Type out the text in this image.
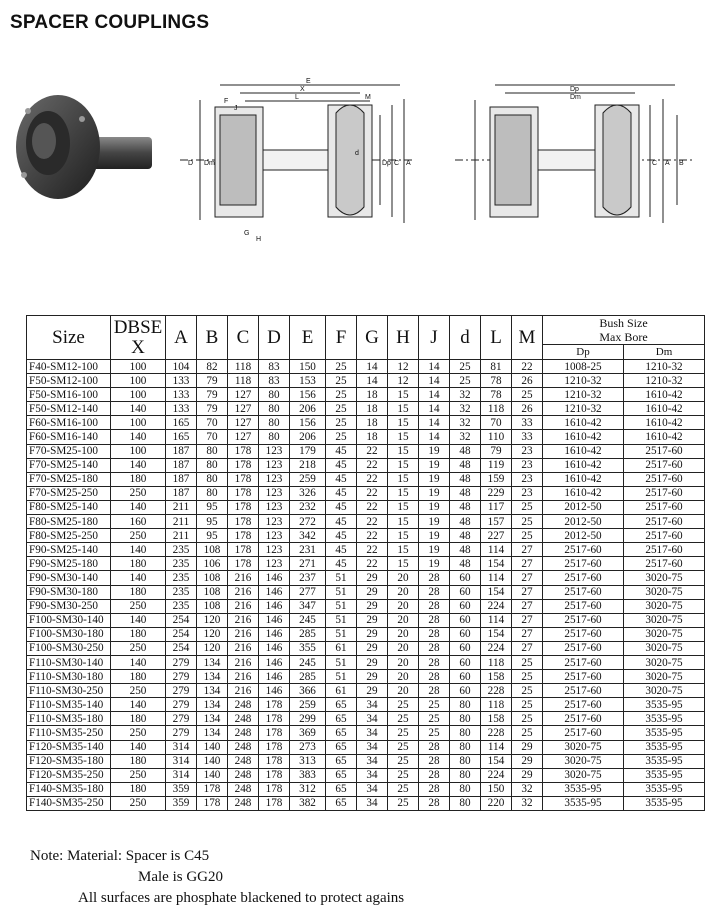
SPACER COUPLINGS
E
X
L	M
F
J
D Dm	Dp
d
C A
G
H
Dp
Dm
C A B
Size	DBSE X	A	B	C	D	E	F	G	H	J	d	L	M	Bush Size
Max Bore	

														Dp	Dm
F40-SM12-100	100	104	82	118	83	150	25	14	12	14	25	81	22	1008-25	1210-32
F50-SM12-100	100	133	79	118	83	153	25	14	12	14	25	78	26	1210-32	1210-32
F50-SM16-100	100	133	79	127	80	156	25	18	15	14	32	78	25	1210-32	1610-42
F50-SM12-140	140	133	79	127	80	206	25	18	15	14	32	118	26	1210-32	1610-42
F60-SM16-100	100	165	70	127	80	156	25	18	15	14	32	70	33	1610-42	1610-42
F60-SM16-140	140	165	70	127	80	206	25	18	15	14	32	110	33	1610-42	1610-42
F70-SM25-100	100	187	80	178	123	179	45	22	15	19	48	79	23	1610-42	2517-60
F70-SM25-140	140	187	80	178	123	218	45	22	15	19	48	119	23	1610-42	2517-60
F70-SM25-180	180	187	80	178	123	259	45	22	15	19	48	159	23	1610-42	2517-60
F70-SM25-250	250	187	80	178	123	326	45	22	15	19	48	229	23	1610-42	2517-60
F80-SM25-140	140	211	95	178	123	232	45	22	15	19	48	117	25	2012-50	2517-60
F80-SM25-180	160	211	95	178	123	272	45	22	15	19	48	157	25	2012-50	2517-60
F80-SM25-250	250	211	95	178	123	342	45	22	15	19	48	227	25	2012-50	2517-60
F90-SM25-140	140	235	108	178	123	231	45	22	15	19	48	114	27	2517-60	2517-60
F90-SM25-180	180	235	106	178	123	271	45	22	15	19	48	154	27	2517-60	2517-60
F90-SM30-140	140	235	108	216	146	237	51	29	20	28	60	114	27	2517-60	3020-75
F90-SM30-180	180	235	108	216	146	277	51	29	20	28	60	154	27	2517-60	3020-75
F90-SM30-250	250	235	108	216	146	347	51	29	20	28	60	224	27	2517-60	3020-75
F100-SM30-140	140	254	120	216	146	245	51	29	20	28	60	114	27	2517-60	3020-75
F100-SM30-180	180	254	120	216	146	285	51	29	20	28	60	154	27	2517-60	3020-75
F100-SM30-250	250	254	120	216	146	355	61	29	20	28	60	224	27	2517-60	3020-75
F110-SM30-140	140	279	134	216	146	245	51	29	20	28	60	118	25	2517-60	3020-75
F110-SM30-180	180	279	134	216	146	285	51	29	20	28	60	158	25	2517-60	3020-75
F110-SM30-250	250	279	134	216	146	366	61	29	20	28	60	228	25	2517-60	3020-75
F110-SM35-140	140	279	134	248	178	259	65	34	25	25	80	118	25	2517-60	3535-95
F110-SM35-180	180	279	134	248	178	299	65	34	25	25	80	158	25	2517-60	3535-95
F110-SM35-250	250	279	134	248	178	369	65	34	25	25	80	228	25	2517-60	3535-95
F120-SM35-140	140	314	140	248	178	273	65	34	25	28	80	114	29	3020-75	3535-95
F120-SM35-180	180	314	140	248	178	313	65	34	25	28	80	154	29	3020-75	3535-95
F120-SM35-250	250	314	140	248	178	383	65	34	25	28	80	224	29	3020-75	3535-95
F140-SM35-180	180	359	178	248	178	312	65	34	25	28	80	150	32	3535-95	3535-95
F140-SM35-250	250	359	178	248	178	382	65	34	25	28	80	220	32	3535-95	3535-95
Note: Material: Spacer is C45
Male is GG20
All surfaces are phosphate blackened to protect agains
